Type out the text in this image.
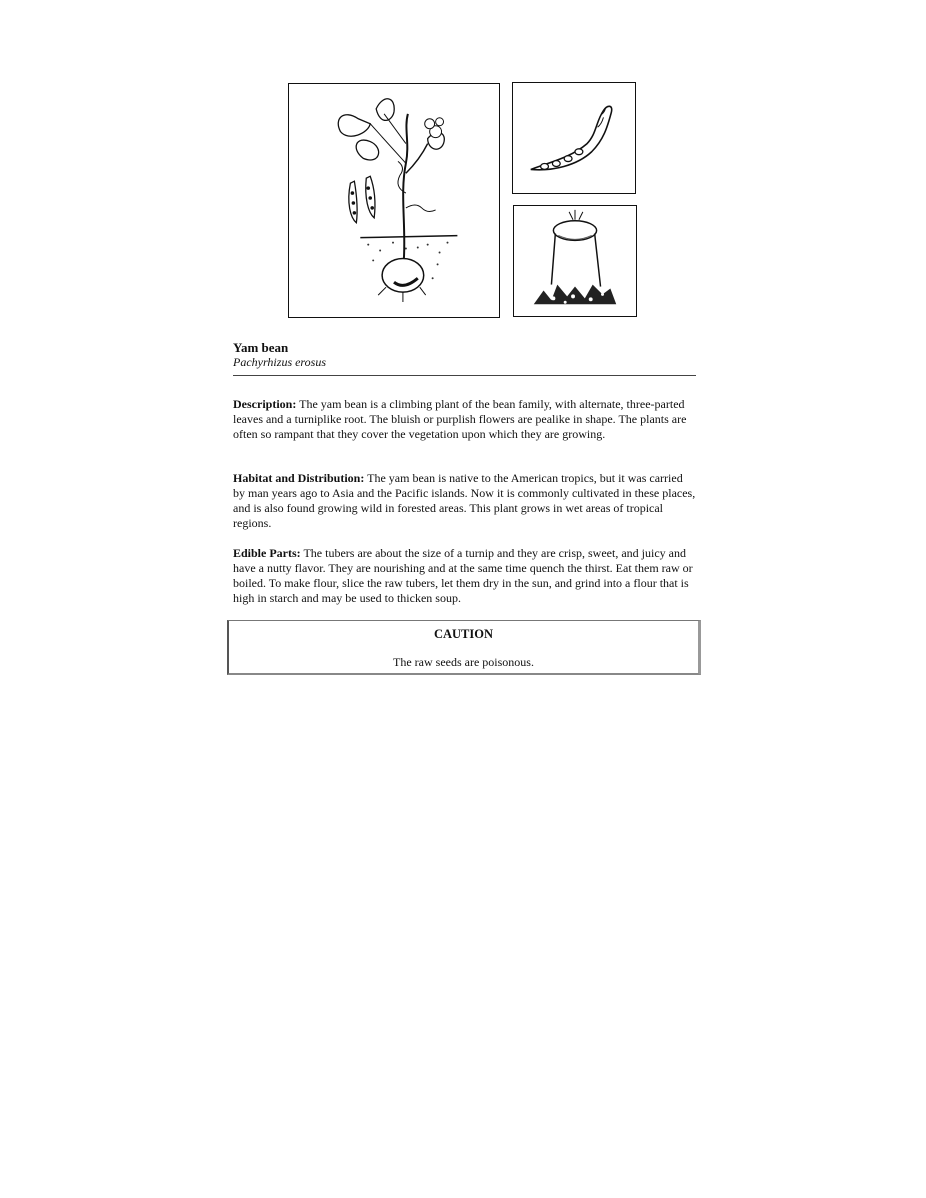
Yam bean
Pachyrhizus erosus
Description: The yam bean is a climbing plant of the bean family, with alternate, three-parted leaves and a turniplike root. The bluish or purplish flowers are pealike in shape. The plants are often so rampant that they cover the vegetation upon which they are growing.
Habitat and Distribution: The yam bean is native to the American tropics, but it was carried by man years ago to Asia and the Pacific islands. Now it is commonly cultivated in these places, and is also found growing wild in forested areas. This plant grows in wet areas of tropical regions.
Edible Parts: The tubers are about the size of a turnip and they are crisp, sweet, and juicy and have a nutty flavor. They are nourishing and at the same time quench the thirst. Eat them raw or boiled. To make flour, slice the raw tubers, let them dry in the sun, and grind into a flour that is high in starch and may be used to thicken soup.
CAUTION
The raw seeds are poisonous.
